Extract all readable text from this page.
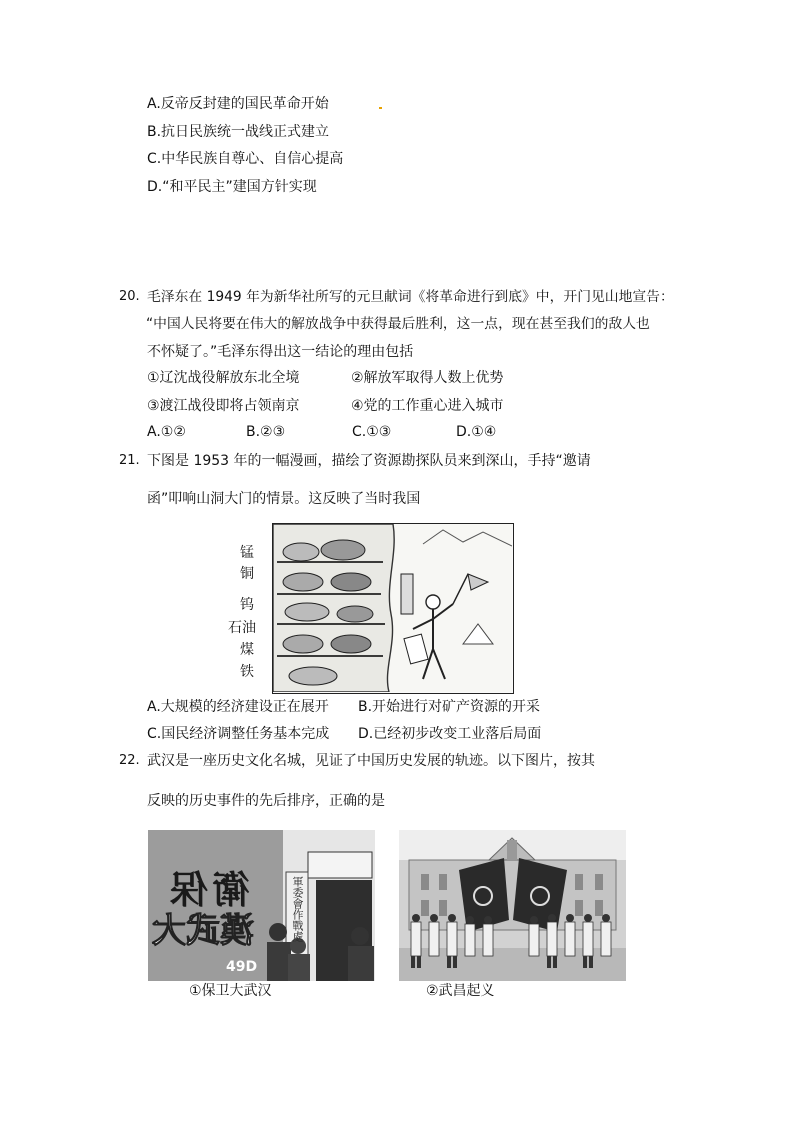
A.反帝反封建的国民革命开始
B.抗日民族统一战线正式建立
C.中华民族自尊心、自信心提高
D.“和平民主”建国方针实现
20. 毛泽东在 1949 年为新华社所写的元旦献词《将革命进行到底》中，开门见山地宣告：
“中国人民将要在伟大的解放战争中获得最后胜利，这一点，现在甚至我们的敌人也
不怀疑了。”毛泽东得出这一结论的理由包括
①辽沈战役解放东北全境	②解放军取得人数上优势
③渡江战役即将占领南京	④党的工作重心进入城市
A.①②	B.②③	C.①③	D.①④
21. 下图是 1953 年的一幅漫画，描绘了资源勘探队员来到深山，手持“邀请
函”叩响山洞大门的情景。这反映了当时我国
锰
铜
钨
石油
煤
铁
A.大规模的经济建设正在展开 B.开始进行对矿产资源的开采
C.国民经济调整任务基本完成 D.已经初步改变工业落后局面
22. 武汉是一座历史文化名城，见证了中国历史发展的轨迹。以下图片，按其
反映的历史事件的先后排序，正确的是
衛保
漢武大
49D
軍委會作戰處
①保卫大武汉	②武昌起义
